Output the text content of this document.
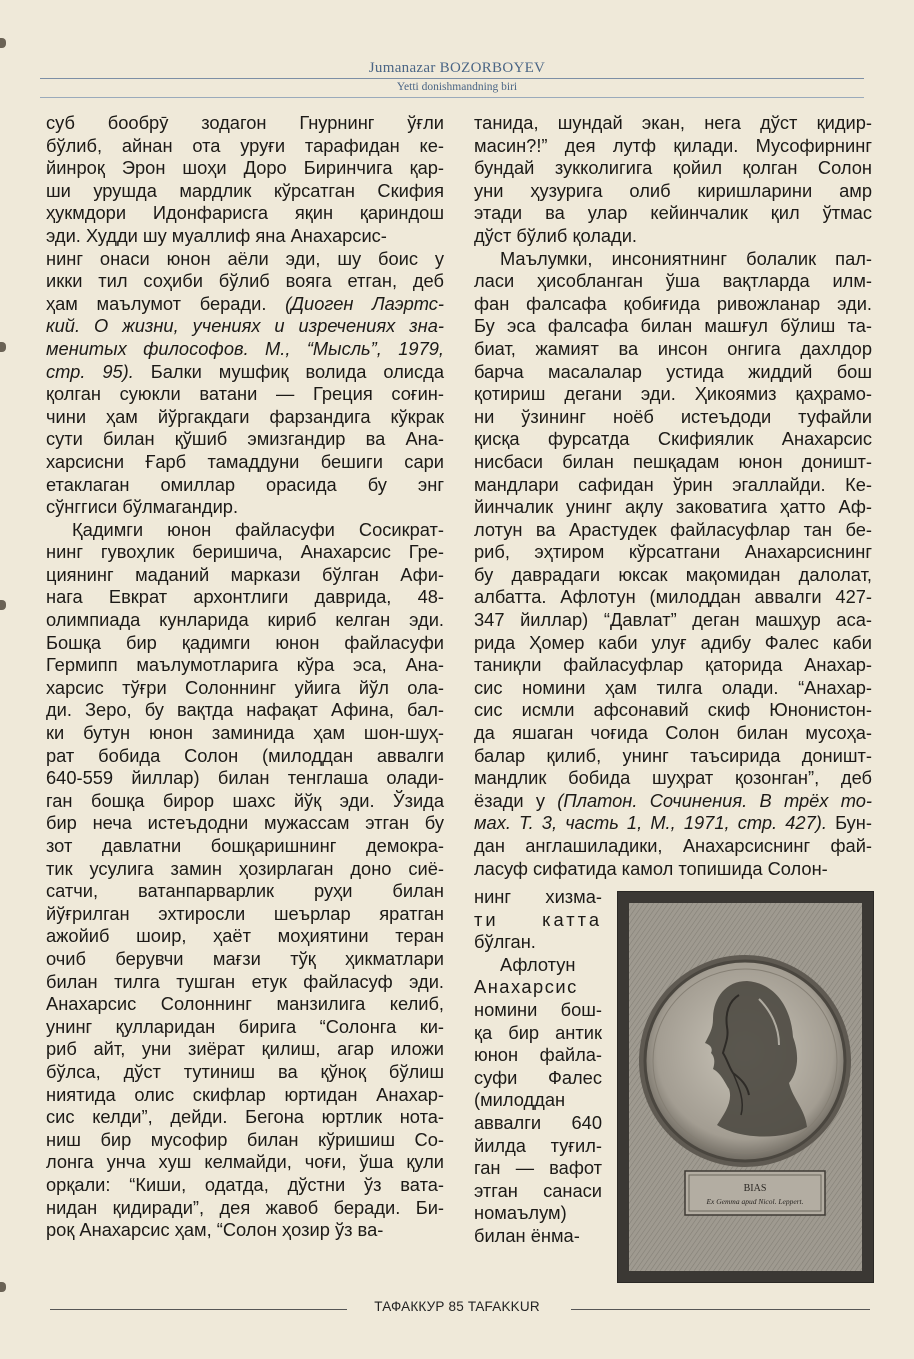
Jumanazar BOZORBOYEV
Yetti donishmandning biri
суб бообрӯ зодагон Гнурнинг ўғли
бўлиб, айнан ота уруғи тарафидан ке-
йинроқ Эрон шоҳи Доро Биринчига қар-
ши урушда мардлик кўрсатган Скифия
ҳукмдори Идонфарисга яқин қариндош
эди. Худди шу муаллиф яна Анахарсис-
нинг онаси юнон аёли эди, шу боис у
икки тил соҳиби бўлиб вояга етган, деб
ҳам маълумот беради. (Диоген Лаэртс-
кий. О жизни, учениях и изречениях зна-
менитых философов. М., “Мысль”, 1979,
стр. 95). Балки мушфиқ волида олисда
қолган суюкли ватани — Греция соғин-
чини ҳам йўргакдаги фарзандига кўкрак
сути билан қўшиб эмизгандир ва Ана-
харсисни Ғарб тамаддуни бешиги сари
етаклаган омиллар орасида бу энг
сўнггиси бўлмагандир.
Қадимги юнон файласуфи Сосикрат-
нинг гувоҳлик беришича, Анахарсис Гре-
циянинг маданий маркази бўлган Афи-
нага Евкрат архонтлиги даврида, 48-
олимпиада кунларида кириб келган эди.
Бошқа бир қадимги юнон файласуфи
Гермипп маълумотларига кўра эса, Ана-
харсис тўғри Солоннинг уйига йўл ола-
ди. Зеро, бу вақтда нафақат Афина, бал-
ки бутун юнон заминида ҳам шон-шуҳ-
рат бобида Солон (милоддан аввалги
640-559 йиллар) билан тенглаша олади-
ган бошқа бирор шахс йўқ эди. Ўзида
бир неча истеъдодни мужассам этган бу
зот давлатни бошқаришнинг демокра-
тик усулига замин ҳозирлаган доно сиё-
сатчи, ватанпарварлик руҳи билан
йўғрилган эхтиросли шеърлар яратган
ажойиб шоир, ҳаёт моҳиятини теран
очиб берувчи мағзи тўқ ҳикматлари
билан тилга тушган етук файласуф эди.
Анахарсис Солоннинг манзилига келиб,
унинг қулларидан бирига “Солонга ки-
риб айт, уни зиёрат қилиш, агар иложи
бўлса, дўст тутиниш ва қўноқ бўлиш
ниятида олис скифлар юртидан Анахар-
сис келди”, дейди. Бегона юртлик нота-
ниш бир мусофир билан кўришиш Со-
лонга унча хуш келмайди, чоғи, ўша қули
орқали: “Киши, одатда, дўстни ўз вата-
нидан қидиради”, дея жавоб беради. Би-
роқ Анахарсис ҳам, “Солон ҳозир ўз ва-
танида, шундай экан, нега дўст қидир-
масин?!” дея лутф қилади. Мусофирнинг
бундай зукколигига қойил қолган Солон
уни ҳузурига олиб киришларини амр
этади ва улар кейинчалик қил ўтмас
дўст бўлиб қолади.
Маълумки, инсониятнинг болалик пал-
ласи ҳисобланган ўша вақтларда илм-
фан фалсафа қобиғида ривожланар эди.
Бу эса фалсафа билан машғул бўлиш та-
биат, жамият ва инсон онгига дахлдор
барча масалалар устида жиддий бош
қотириш дегани эди. Ҳикоямиз қаҳрамо-
ни ўзининг ноёб истеъдоди туфайли
қисқа фурсатда Скифиялик Анахарсис
нисбаси билан пешқадам юнон доништ-
мандлари сафидан ўрин эгаллайди. Ке-
йинчалик унинг ақлу заковатига ҳатто Аф-
лотун ва Арастудек файласуфлар тан бе-
риб, эҳтиром кўрсатгани Анахарсиснинг
бу даврадаги юксак мақомидан далолат,
албатта. Афлотун (милоддан аввалги 427-
347 йиллар) “Давлат” деган машҳур аса-
рида Ҳомер каби улуғ адибу Фалес каби
таниқли файласуфлар қаторида Анахар-
сис номини ҳам тилга олади. “Анахар-
сис исмли афсонавий скиф Юнонистон-
да яшаган чоғида Солон билан мусоҳа-
балар қилиб, унинг таъсирида доништ-
мандлик бобида шуҳрат қозонган”, деб
ёзади у (Платон. Сочинения. В трёх то-
мах. Т. 3, часть 1, М., 1971, стр. 427). Бун-
дан англашиладики, Анахарсиснинг фай-
ласуф сифатида камол топишида Солон-
нинг хизма-
ти катта
бўлган.
Афлотун
Анахарсис
номини бош-
қа бир антик
юнон файла-
суфи Фалес
(милоддан
аввалги 640
йилда туғил-
ган — вафот
этган санаси
номаълум)
билан ёнма-
BIAS
Ex Gemma apud Nicol. Leppert.
ТАФАККУР 85 TAFAKKUR
